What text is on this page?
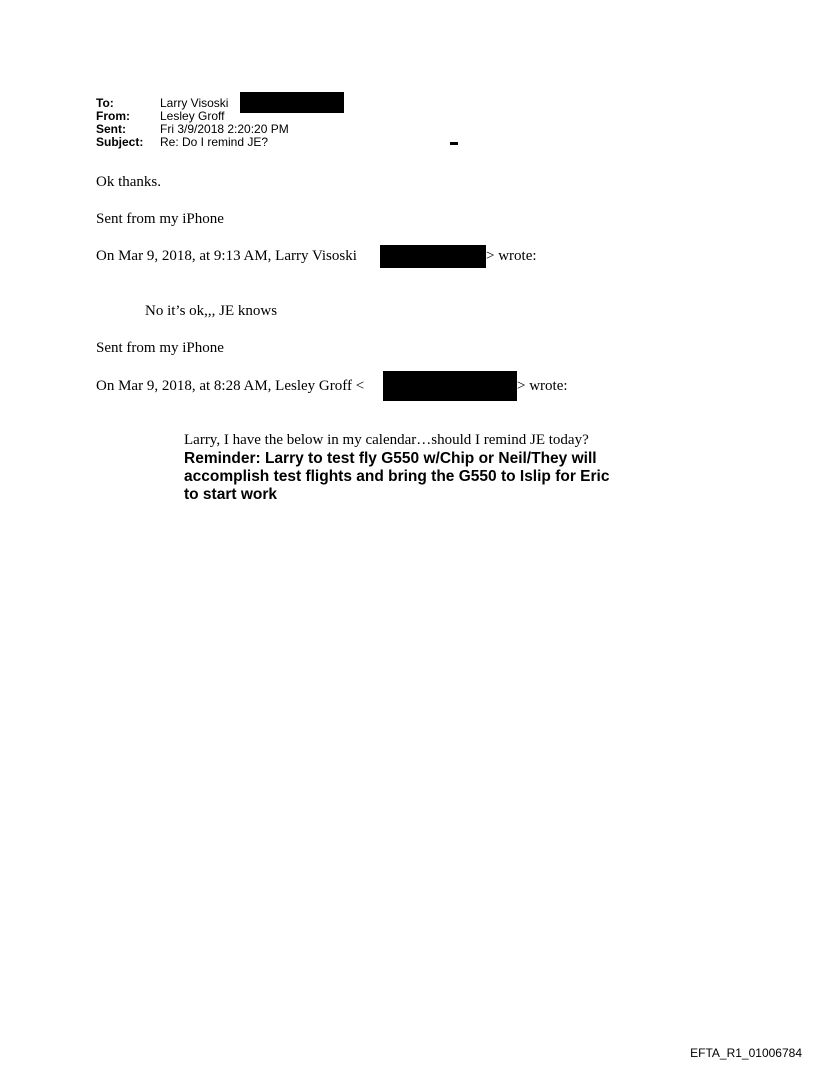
To:	Larry Visoski
From:	Lesley Groff
Sent:	Fri 3/9/2018 2:20:20 PM
Subject: Re: Do I remind JE?
Ok thanks.
Sent from my iPhone
On Mar 9, 2018, at 9:13 AM, Larry Visoski	> wrote:
No it’s ok,,, JE knows
Sent from my iPhone
On Mar 9, 2018, at 8:28 AM, Lesley Groff <	> wrote:
Larry, I have the below in my calendar…should I remind JE today?
Reminder: Larry to test fly G550 w/Chip or Neil/They will
accomplish test flights and bring the G550 to Islip for Eric
to start work
EFTA_R1_01006784
